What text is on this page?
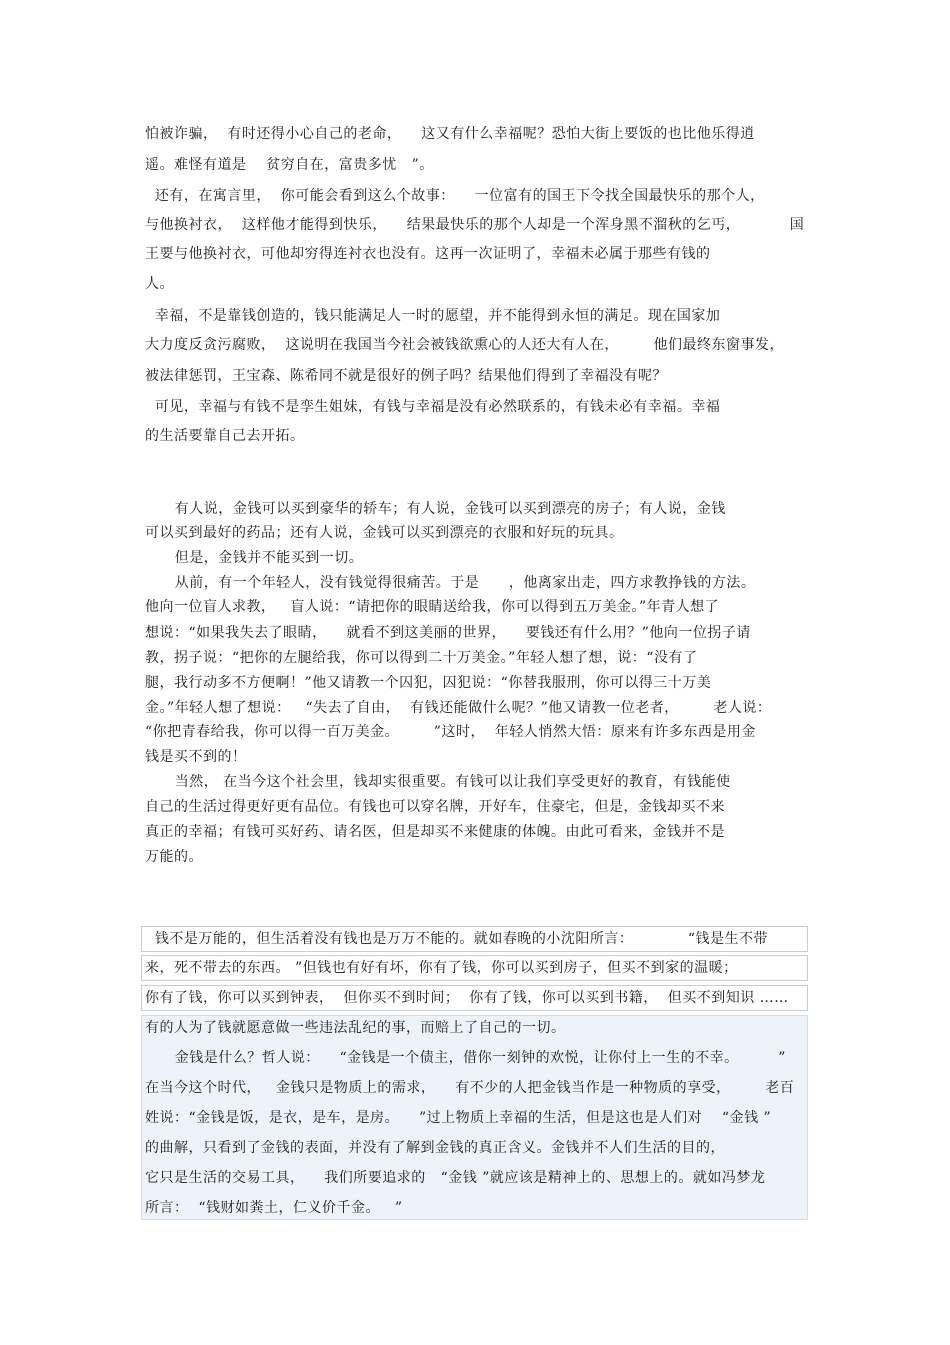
怕被诈骗，  有时还得小心自己的老命，    这又有什么幸福呢？恐怕大街上要饭的也比他乐得逍
遥。难怪有道是    贫穷自在，富贵多忧   ”。
还有，在寓言里，  你可能会看到这么个故事：    一位富有的国王下令找全国最快乐的那个人，
与他换衬衣，  这样他才能得到快乐，    结果最快乐的那个人却是一个浑身黑不溜秋的乞丐，          国
王要与他换衬衣，可他却穷得连衬衣也没有。这再一次证明了，幸福未必属于那些有钱的
人。
幸福，不是靠钱创造的，钱只能满足人一时的愿望，并不能得到永恒的满足。现在国家加
大力度反贪污腐败，  这说明在我国当今社会被钱欲熏心的人还大有人在，       他们最终东窗事发，
被法律惩罚，王宝森、陈希同不就是很好的例子吗？结果他们得到了幸福没有呢？
可见，幸福与有钱不是孪生姐妹，有钱与幸福是没有必然联系的，有钱未必有幸福。幸福
的生活要靠自己去开拓。
有人说，金钱可以买到豪华的轿车；有人说，金钱可以买到漂亮的房子；有人说，金钱
可以买到最好的药品；还有人说，金钱可以买到漂亮的衣服和好玩的玩具。
但是，金钱并不能买到一切。
从前，有一个年轻人，没有钱觉得很痛苦。于是      ，他离家出走，四方求教挣钱的方法。
他向一位盲人求教，   盲人说：“请把你的眼睛送给我，你可以得到五万美金。”年青人想了
想说：“如果我失去了眼睛，    就看不到这美丽的世界，    要钱还有什么用？”他向一位拐子请
教，拐子说：“把你的左腿给我，你可以得到二十万美金。”年轻人想了想，说：“没有了
腿，我行动多不方便啊！”他又请教一个囚犯，囚犯说：“你替我服刑，你可以得三十万美
金。”年轻人想了想说：   “失去了自由，  有钱还能做什么呢？”他又请教一位老者，       老人说：
“你把青春给我，你可以得一百万美金。       ”这时，  年轻人悄然大悟：原来有许多东西是用金
钱是买不到的！
当然， 在当今这个社会里，钱却实很重要。有钱可以让我们享受更好的教育，有钱能使
自己的生活过得更好更有品位。有钱也可以穿名牌，开好车，住豪宅，但是，金钱却买不来
真正的幸福；有钱可买好药、请名医，但是却买不来健康的体魄。由此可看来，金钱并不是
万能的。
钱不是万能的，但生活着没有钱也是万万不能的。就如春晚的小沈阳所言：           “钱是生不带
来，死不带去的东西。 ”但钱也有好有坏，你有了钱，你可以买到房子，但买不到家的温暖；
你有了钱，你可以买到钟表，  但你买不到时间；  你有了钱，你可以买到书籍，  但买不到知识 ……
有的人为了钱就愿意做一些违法乱纪的事，而赔上了自己的一切。
金钱是什么？哲人说：    “金钱是一个债主，借你一刻钟的欢悦，让你付上一生的不幸。        ”
在当今这个时代，   金钱只是物质上的需求，    有不少的人把金钱当作是一种物质的享受，       老百
姓说：“金钱是饭，是衣，是车，是房。    ”过上物质上幸福的生活，但是这也是人们对    “金钱 ”
的曲解，只看到了金钱的表面，并没有了解到金钱的真正含义。金钱并不人们生活的目的，
它只是生活的交易工具，    我们所要追求的   “金钱 ”就应该是精神上的、思想上的。就如冯梦龙
所言：  “钱财如粪土，仁义价千金。   ”
